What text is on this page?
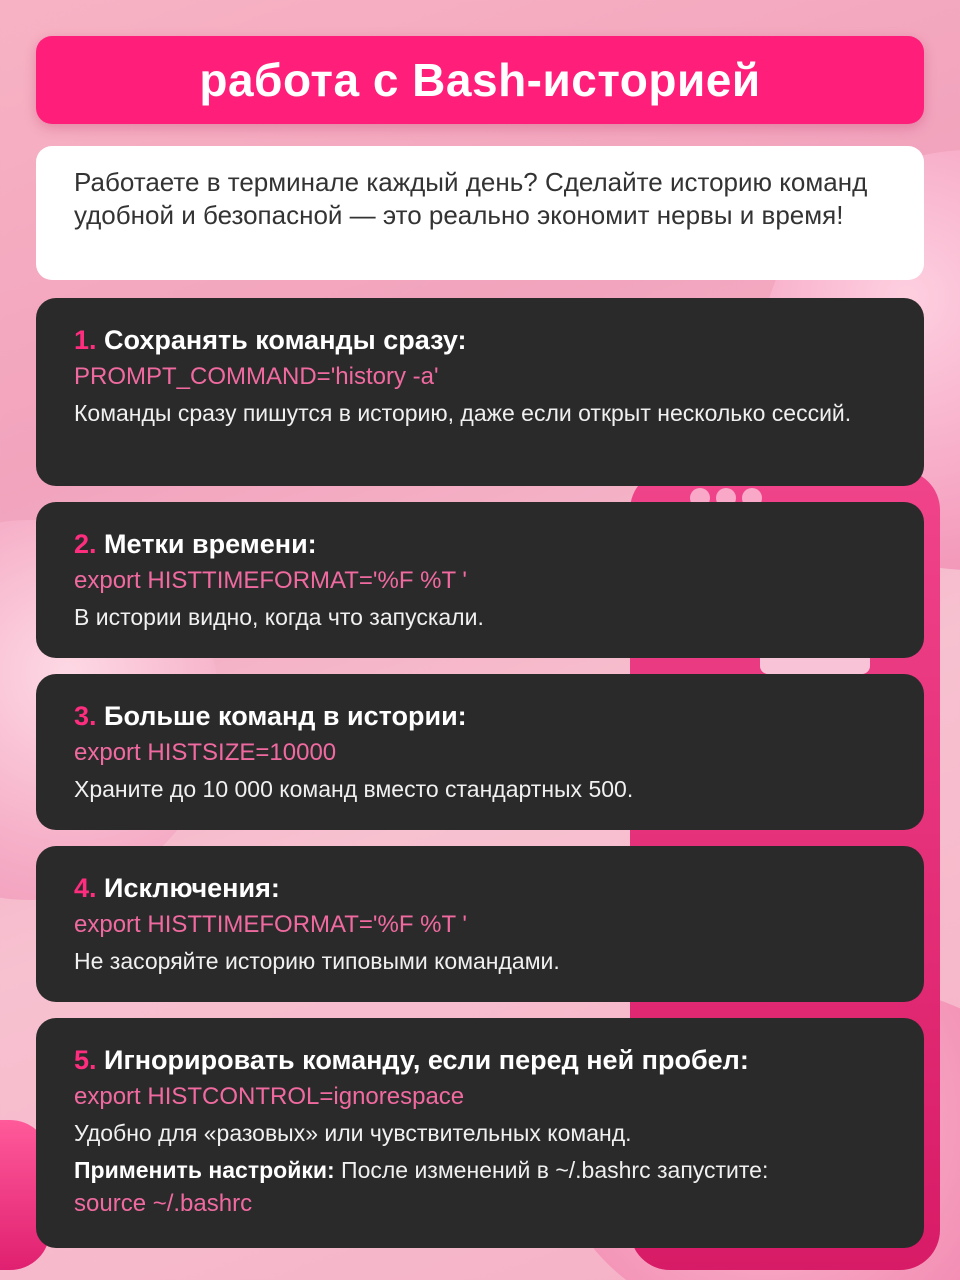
работа с Bash-историей

Работаете в терминале каждый день? Сделайте историю команд удобной и безопасной — это реально экономит нервы и время!

1. Сохранять команды сразу:
PROMPT_COMMAND='history -a'
Команды сразу пишутся в историю, даже если открыт несколько сессий.
2. Метки времени:
export HISTTIMEFORMAT='%F %T '
В истории видно, когда что запускали.
3. Больше команд в истории:
export HISTSIZE=10000
Храните до 10 000 команд вместо стандартных 500.
4. Исключения:
export HISTTIMEFORMAT='%F %T '
Не засоряйте историю типовыми командами.
5. Игнорировать команду, если перед ней пробел:
export HISTCONTROL=ignorespace
Удобно для «разовых» или чувствительных команд.
Применить настройки: После изменений в ~/.bashrc запустите:
source ~/.bashrc
